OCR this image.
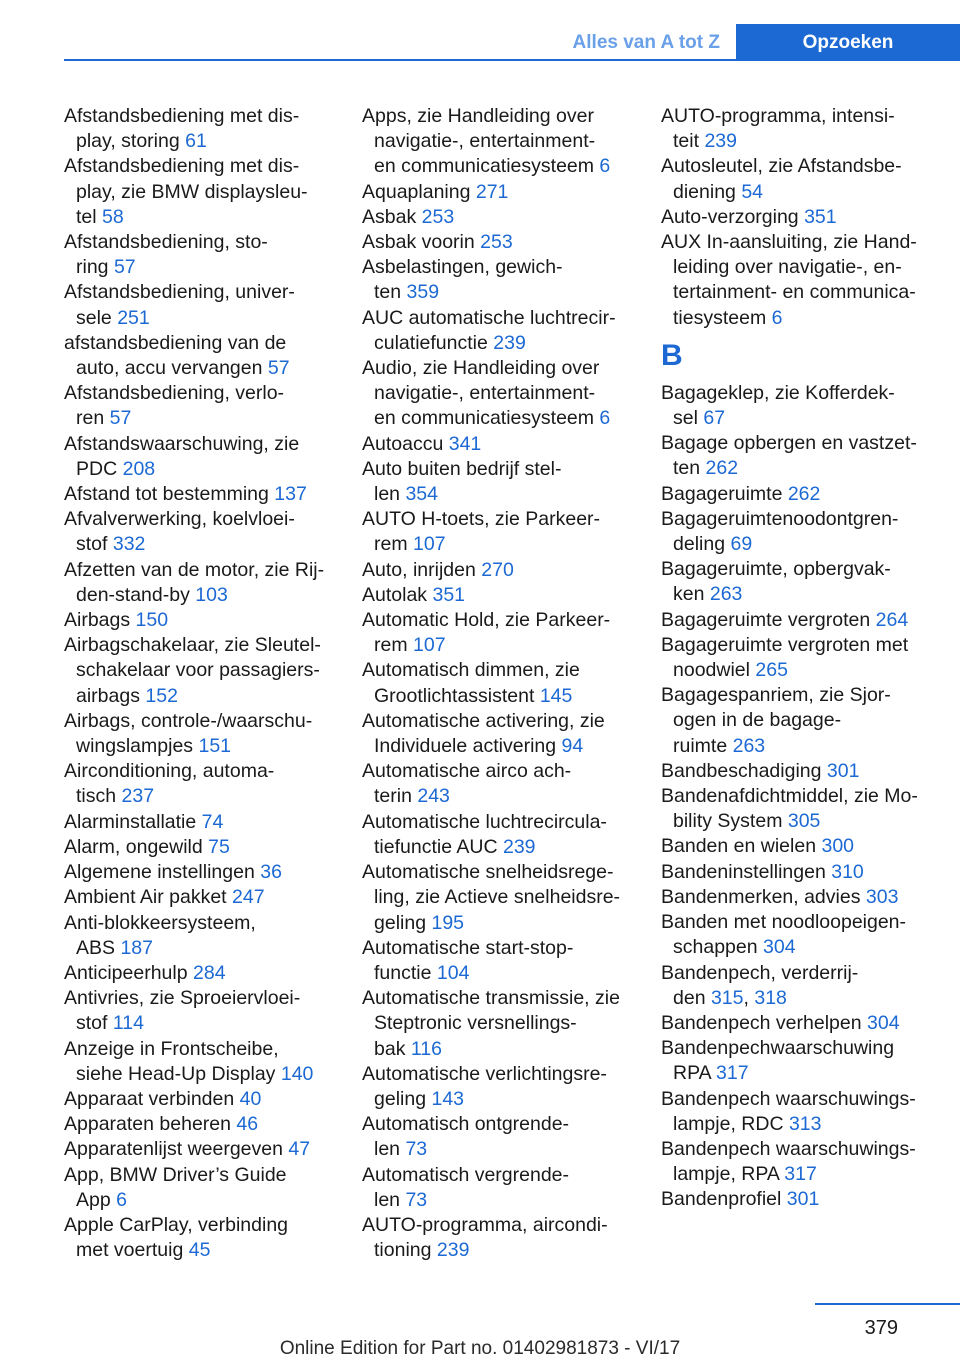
Alles van A tot Z	Opzoeken
Afstandsbediening met dis-
play, storing 61
Afstandsbediening met dis-
play, zie BMW displaysleu-
tel 58
Afstandsbediening, sto-
ring 57
Afstandsbediening, univer-
sele 251
afstandsbediening van de
auto, accu vervangen 57
Afstandsbediening, verlo-
ren 57
Afstandswaarschuwing, zie
PDC 208
Afstand tot bestemming 137
Afvalverwerking, koelvloei-
stof 332
Afzetten van de motor, zie Rij-
den-stand-by 103
Airbags 150
Airbagschakelaar, zie Sleutel-
schakelaar voor passagiers-
airbags 152
Airbags, controle-/waarschu-
wingslampjes 151
Airconditioning, automa-
tisch 237
Alarminstallatie 74
Alarm, ongewild 75
Algemene instellingen 36
Ambient Air pakket 247
Anti-blokkeersysteem,
ABS 187
Anticipeerhulp 284
Antivries, zie Sproeiervloei-
stof 114
Anzeige in Frontscheibe,
siehe Head-Up Display 140
Apparaat verbinden 40
Apparaten beheren 46
Apparatenlijst weergeven 47
App, BMW Driver’s Guide
App 6
Apple CarPlay, verbinding
met voertuig 45
Apps, zie Handleiding over
navigatie-, entertainment-
en communicatiesysteem 6
Aquaplaning 271
Asbak 253
Asbak voorin 253
Asbelastingen, gewich-
ten 359
AUC automatische luchtrecir-
culatiefunctie 239
Audio, zie Handleiding over
navigatie-, entertainment-
en communicatiesysteem 6
Autoaccu 341
Auto buiten bedrijf stel-
len 354
AUTO H-toets, zie Parkeer-
rem 107
Auto, inrijden 270
Autolak 351
Automatic Hold, zie Parkeer-
rem 107
Automatisch dimmen, zie
Grootlichtassistent 145
Automatische activering, zie
Individuele activering 94
Automatische airco ach-
terin 243
Automatische luchtrecircula-
tiefunctie AUC 239
Automatische snelheidsrege-
ling, zie Actieve snelheidsre-
geling 195
Automatische start-stop-
functie 104
Automatische transmissie, zie
Steptronic versnellings-
bak 116
Automatische verlichtingsre-
geling 143
Automatisch ontgrende-
len 73
Automatisch vergrende-
len 73
AUTO-programma, aircondi-
tioning 239
AUTO-programma, intensi-
teit 239
Autosleutel, zie Afstandsbe-
diening 54
Auto-verzorging 351
AUX In-aansluiting, zie Hand-
leiding over navigatie-, en-
tertainment- en communica-
tiesysteem 6
B
Bagageklep, zie Kofferdek-
sel 67
Bagage opbergen en vastzet-
ten 262
Bagageruimte 262
Bagageruimtenoodontgren-
deling 69
Bagageruimte, opbergvak-
ken 263
Bagageruimte vergroten 264
Bagageruimte vergroten met
noodwiel 265
Bagagespanriem, zie Sjor-
ogen in de bagage-
ruimte 263
Bandbeschadiging 301
Bandenafdichtmiddel, zie Mo-
bility System 305
Banden en wielen 300
Bandeninstellingen 310
Bandenmerken, advies 303
Banden met noodloopeigen-
schappen 304
Bandenpech, verderrij-
den 315, 318
Bandenpech verhelpen 304
Bandenpechwaarschuwing
RPA 317
Bandenpech waarschuwings-
lampje, RDC 313
Bandenpech waarschuwings-
lampje, RPA 317
Bandenprofiel 301
379
Online Edition for Part no. 01402981873 - VI/17
